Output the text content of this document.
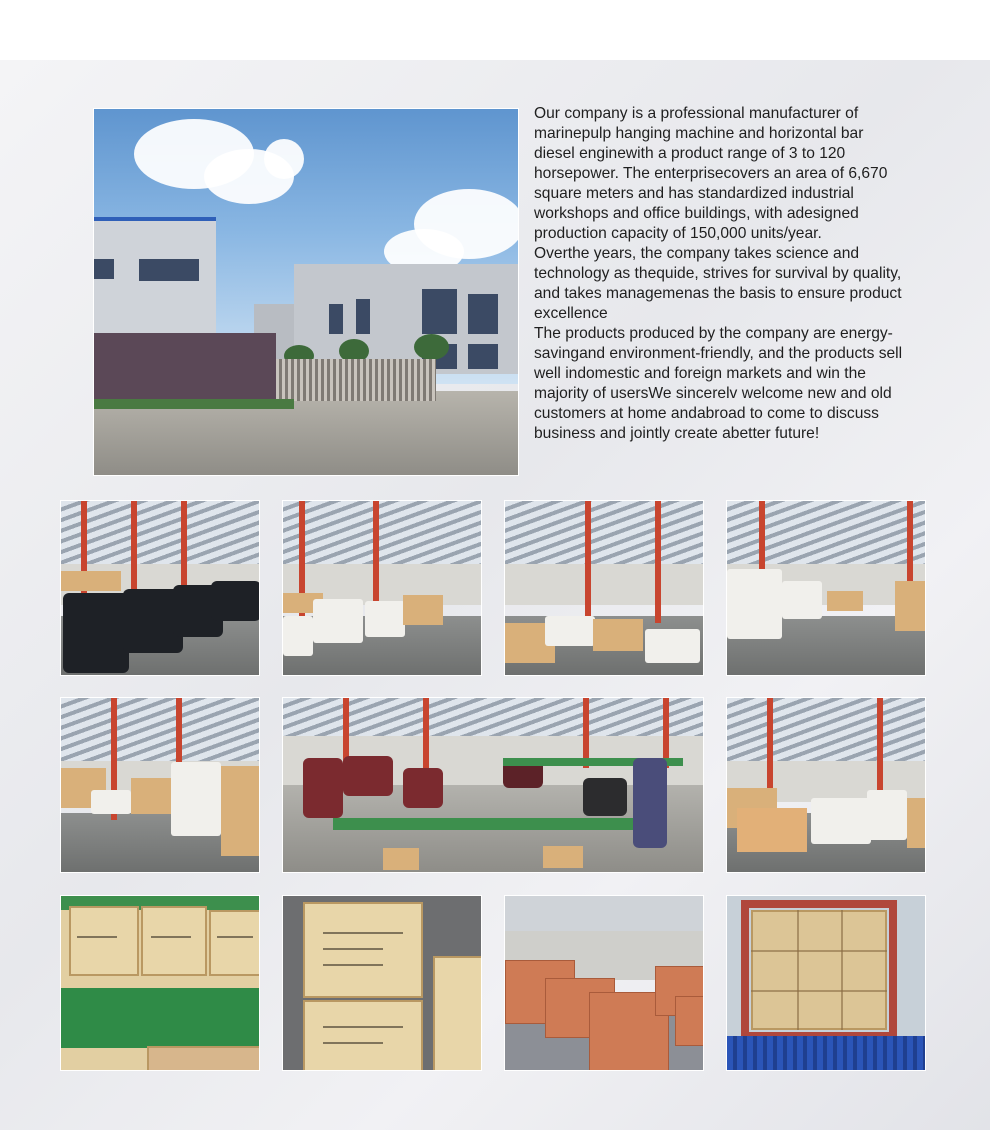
Our company is a professional manufacturer of marinepulp hanging machine and horizontal bar diesel enginewith a product range of 3 to 120 horsepower. The enterprisecovers an area of 6,670 square meters and has standardized industrial workshops and office buildings, with adesigned production capacity of 150,000 units/year.

Overthe years, the company takes science and technology as thequide, strives for survival by quality, and takes managemenas the basis to ensure product excellence

The products produced by the company are energy-savingand environment-friendly, and the products sell well indomestic and foreign markets and win the majority of usersWe sincerelv welcome new and old customers at home andabroad to come to discuss business and jointly create abetter future!
